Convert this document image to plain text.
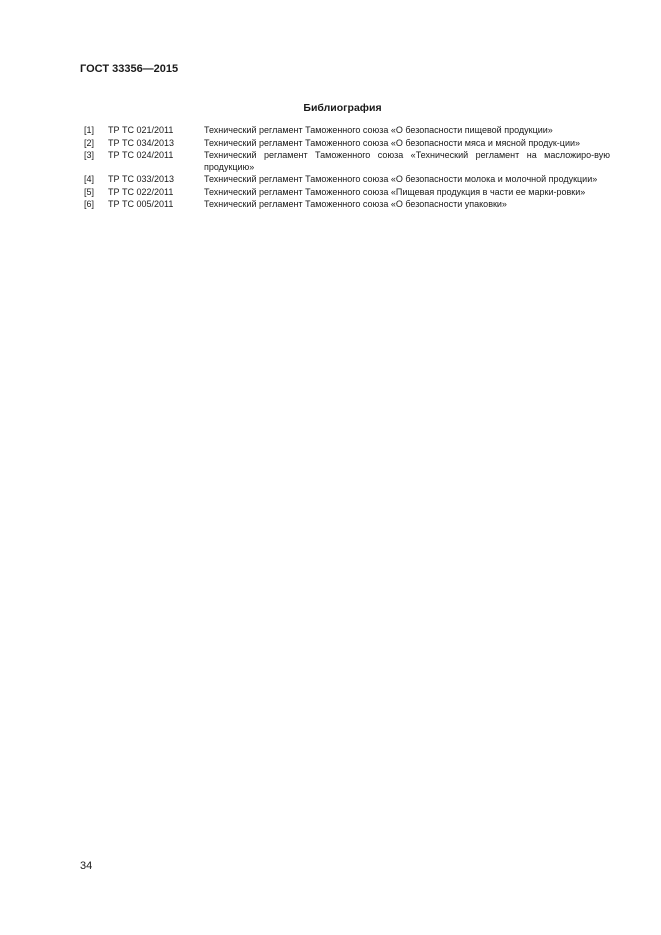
ГОСТ 33356—2015
Библиография
[1]	ТР ТС 021/2011	Технический регламент Таможенного союза «О безопасности пищевой продукции»
[2]	ТР ТС 034/2013	Технический регламент Таможенного союза «О безопасности мяса и мясной продук-ции»
[3]	ТР ТС 024/2011	Технический регламент Таможенного союза «Технический регламент на масложиро-вую продукцию»
[4]	ТР ТС 033/2013	Технический регламент Таможенного союза «О безопасности молока и молочной продукции»
[5]	ТР ТС 022/2011	Технический регламент Таможенного союза «Пищевая продукция в части ее марки-ровки»
[6]	ТР ТС 005/2011	Технический регламент Таможенного союза «О безопасности упаковки»
34
